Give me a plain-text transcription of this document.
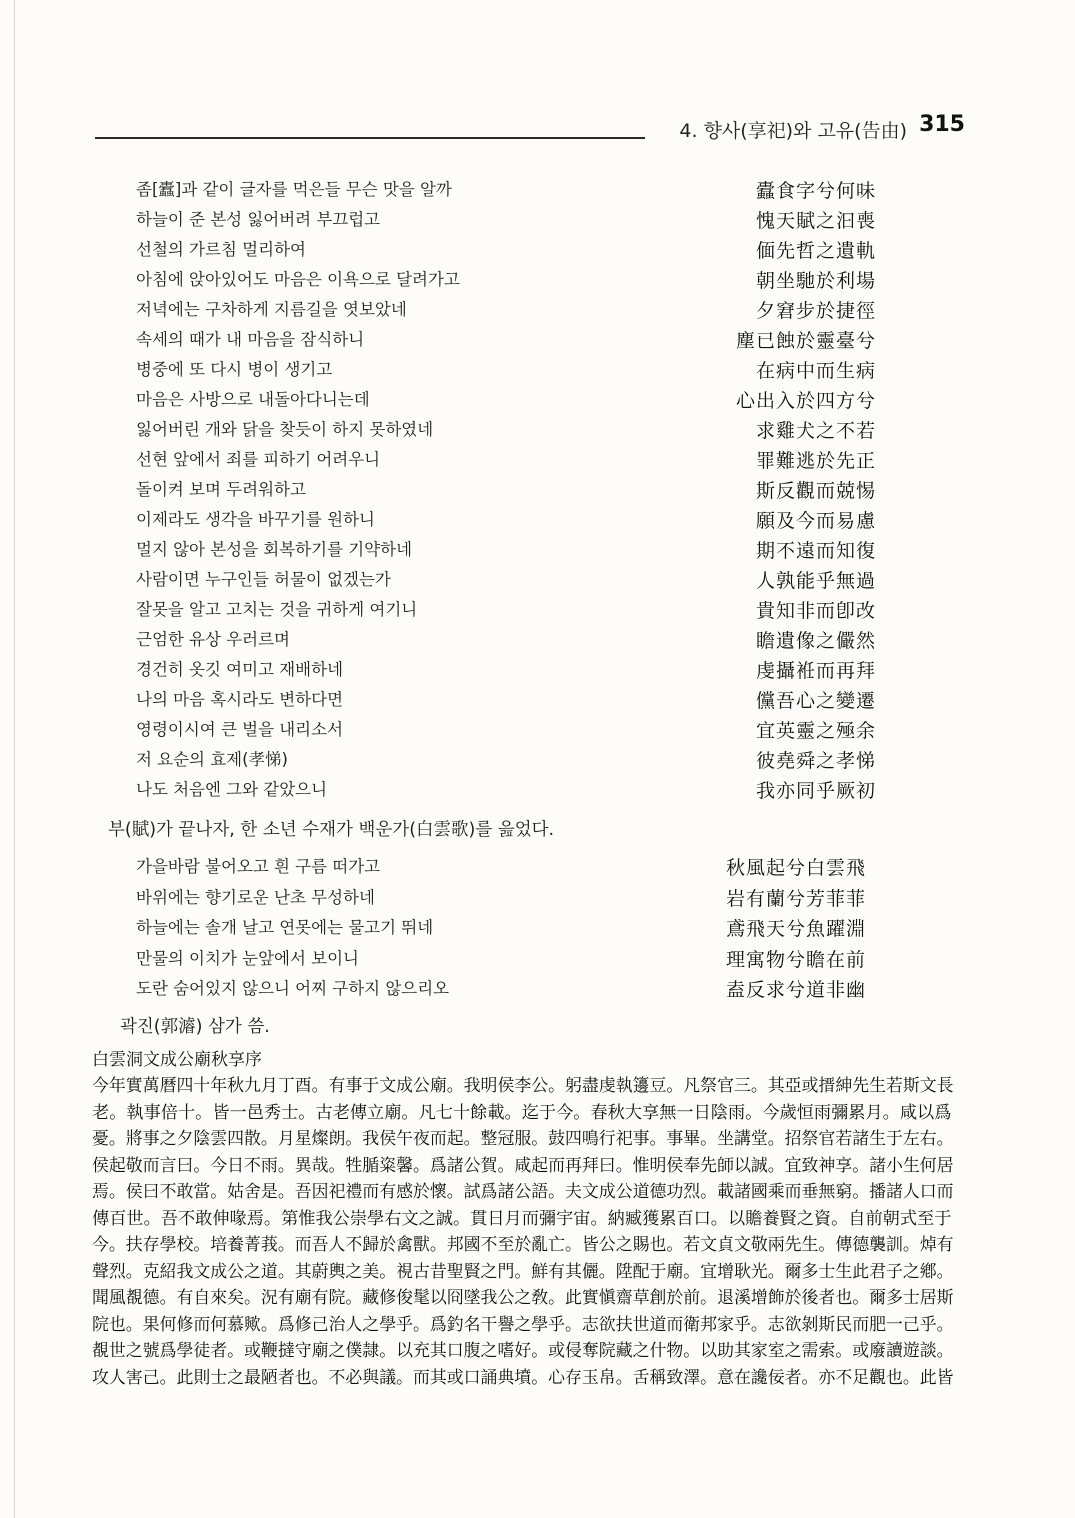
4. 향사(享祀)와 고유(告由) 315
좀[蠹]과 같이 글자를 먹은들 무슨 맛을 알까	蠹食字兮何味
하늘이 준 본성 잃어버려 부끄럽고	愧天賦之汩喪
선철의 가르침 멀리하여	偭先哲之遺軌
아침에 앉아있어도 마음은 이욕으로 달려가고	朝坐馳於利場
저녁에는 구차하게 지름길을 엿보았네	夕窘步於捷徑
속세의 때가 내 마음을 잠식하니	塵已蝕於靈臺兮
병중에 또 다시 병이 생기고	在病中而生病
마음은 사방으로 내돌아다니는데	心出入於四方兮
잃어버린 개와 닭을 찾듯이 하지 못하였네	求雞犬之不若
선현 앞에서 죄를 피하기 어려우니	罪難逃於先正
돌이켜 보며 두려워하고	斯反觀而兢惕
이제라도 생각을 바꾸기를 원하니	願及今而易慮
멀지 않아 본성을 회복하기를 기약하네	期不遠而知復
사람이면 누구인들 허물이 없겠는가	人孰能乎無過
잘못을 알고 고치는 것을 귀하게 여기니	貴知非而卽改
근엄한 유상 우러르며	瞻遺像之儼然
경건히 옷깃 여미고 재배하네	虔攝袵而再拜
나의 마음 혹시라도 변하다면	儻吾心之變遷
영령이시여 큰 벌을 내리소서	宜英靈之殛余
저 요순의 효제(孝悌)	彼堯舜之孝悌
나도 처음엔 그와 같았으니	我亦同乎厥初
부(賦)가 끝나자, 한 소년 수재가 백운가(白雲歌)를 읊었다.
가을바람 불어오고 흰 구름 떠가고	秋風起兮白雲飛
바위에는 향기로운 난초 무성하네	岩有蘭兮芳菲菲
하늘에는 솔개 날고 연못에는 물고기 뛰네	鳶飛天兮魚躍淵
만물의 이치가 눈앞에서 보이니	理寓物兮瞻在前
도란 숨어있지 않으니 어찌 구하지 않으리오	盍反求兮道非幽
곽진(郭𤀹) 삼가 씀.
白雲洞文成公廟秋享序
今年實萬曆四十年秋九月丁酉。有事于文成公廟。我明侯李公。躬盡虔執籩豆。凡祭官三。其亞或搢紳先生若斯文長
老。執事倍十。皆一邑秀士。古老傳立廟。凡七十餘載。迄于今。春秋大享無一日陰雨。今歲恒雨彌累月。咸以爲
憂。將事之夕陰雲四散。月星燦朗。我侯午夜而起。整冠服。鼓四鳴行祀事。事畢。坐講堂。招祭官若諸生于左右。
侯起敬而言曰。今日不雨。異哉。牲腯粢馨。爲諸公賀。咸起而再拜曰。惟明侯奉先師以誠。宜致神享。諸小生何居
焉。侯曰不敢當。姑舍是。吾因祀禮而有感於懷。試爲諸公語。夫文成公道德功烈。載諸國乘而垂無窮。播諸人口而
傳百世。吾不敢伸喙焉。第惟我公崇學右文之誠。貫日月而彌宇宙。納臧獲累百口。以贍養賢之資。自前朝式至于
今。扶存學校。培養菁莪。而吾人不歸於禽獸。邦國不至於亂亡。皆公之賜也。若文貞文敬兩先生。傳德襲訓。焯有
聲烈。克紹我文成公之道。其蔚輿之美。視古昔聖賢之門。鮮有其儷。陞配于廟。宜增耿光。爾多士生此君子之鄕。
聞風覩德。有自來矣。況有廟有院。藏修俊髦以冏墜我公之敎。此實愼齋草創於前。退溪增飾於後者也。爾多士居斯
院也。果何修而何慕歟。爲修己治人之學乎。爲釣名干譽之學乎。志欲扶世道而衛邦家乎。志欲剝斯民而肥一己乎。
覩世之號爲學徒者。或鞭撻守廟之僕隷。以充其口腹之嗜好。或侵奪院藏之什物。以助其家室之需索。或廢讀遊談。
攻人害己。此則士之最陋者也。不必與議。而其或口誦典墳。心存玉帛。舌稱致澤。意在讒佞者。亦不足觀也。此皆
